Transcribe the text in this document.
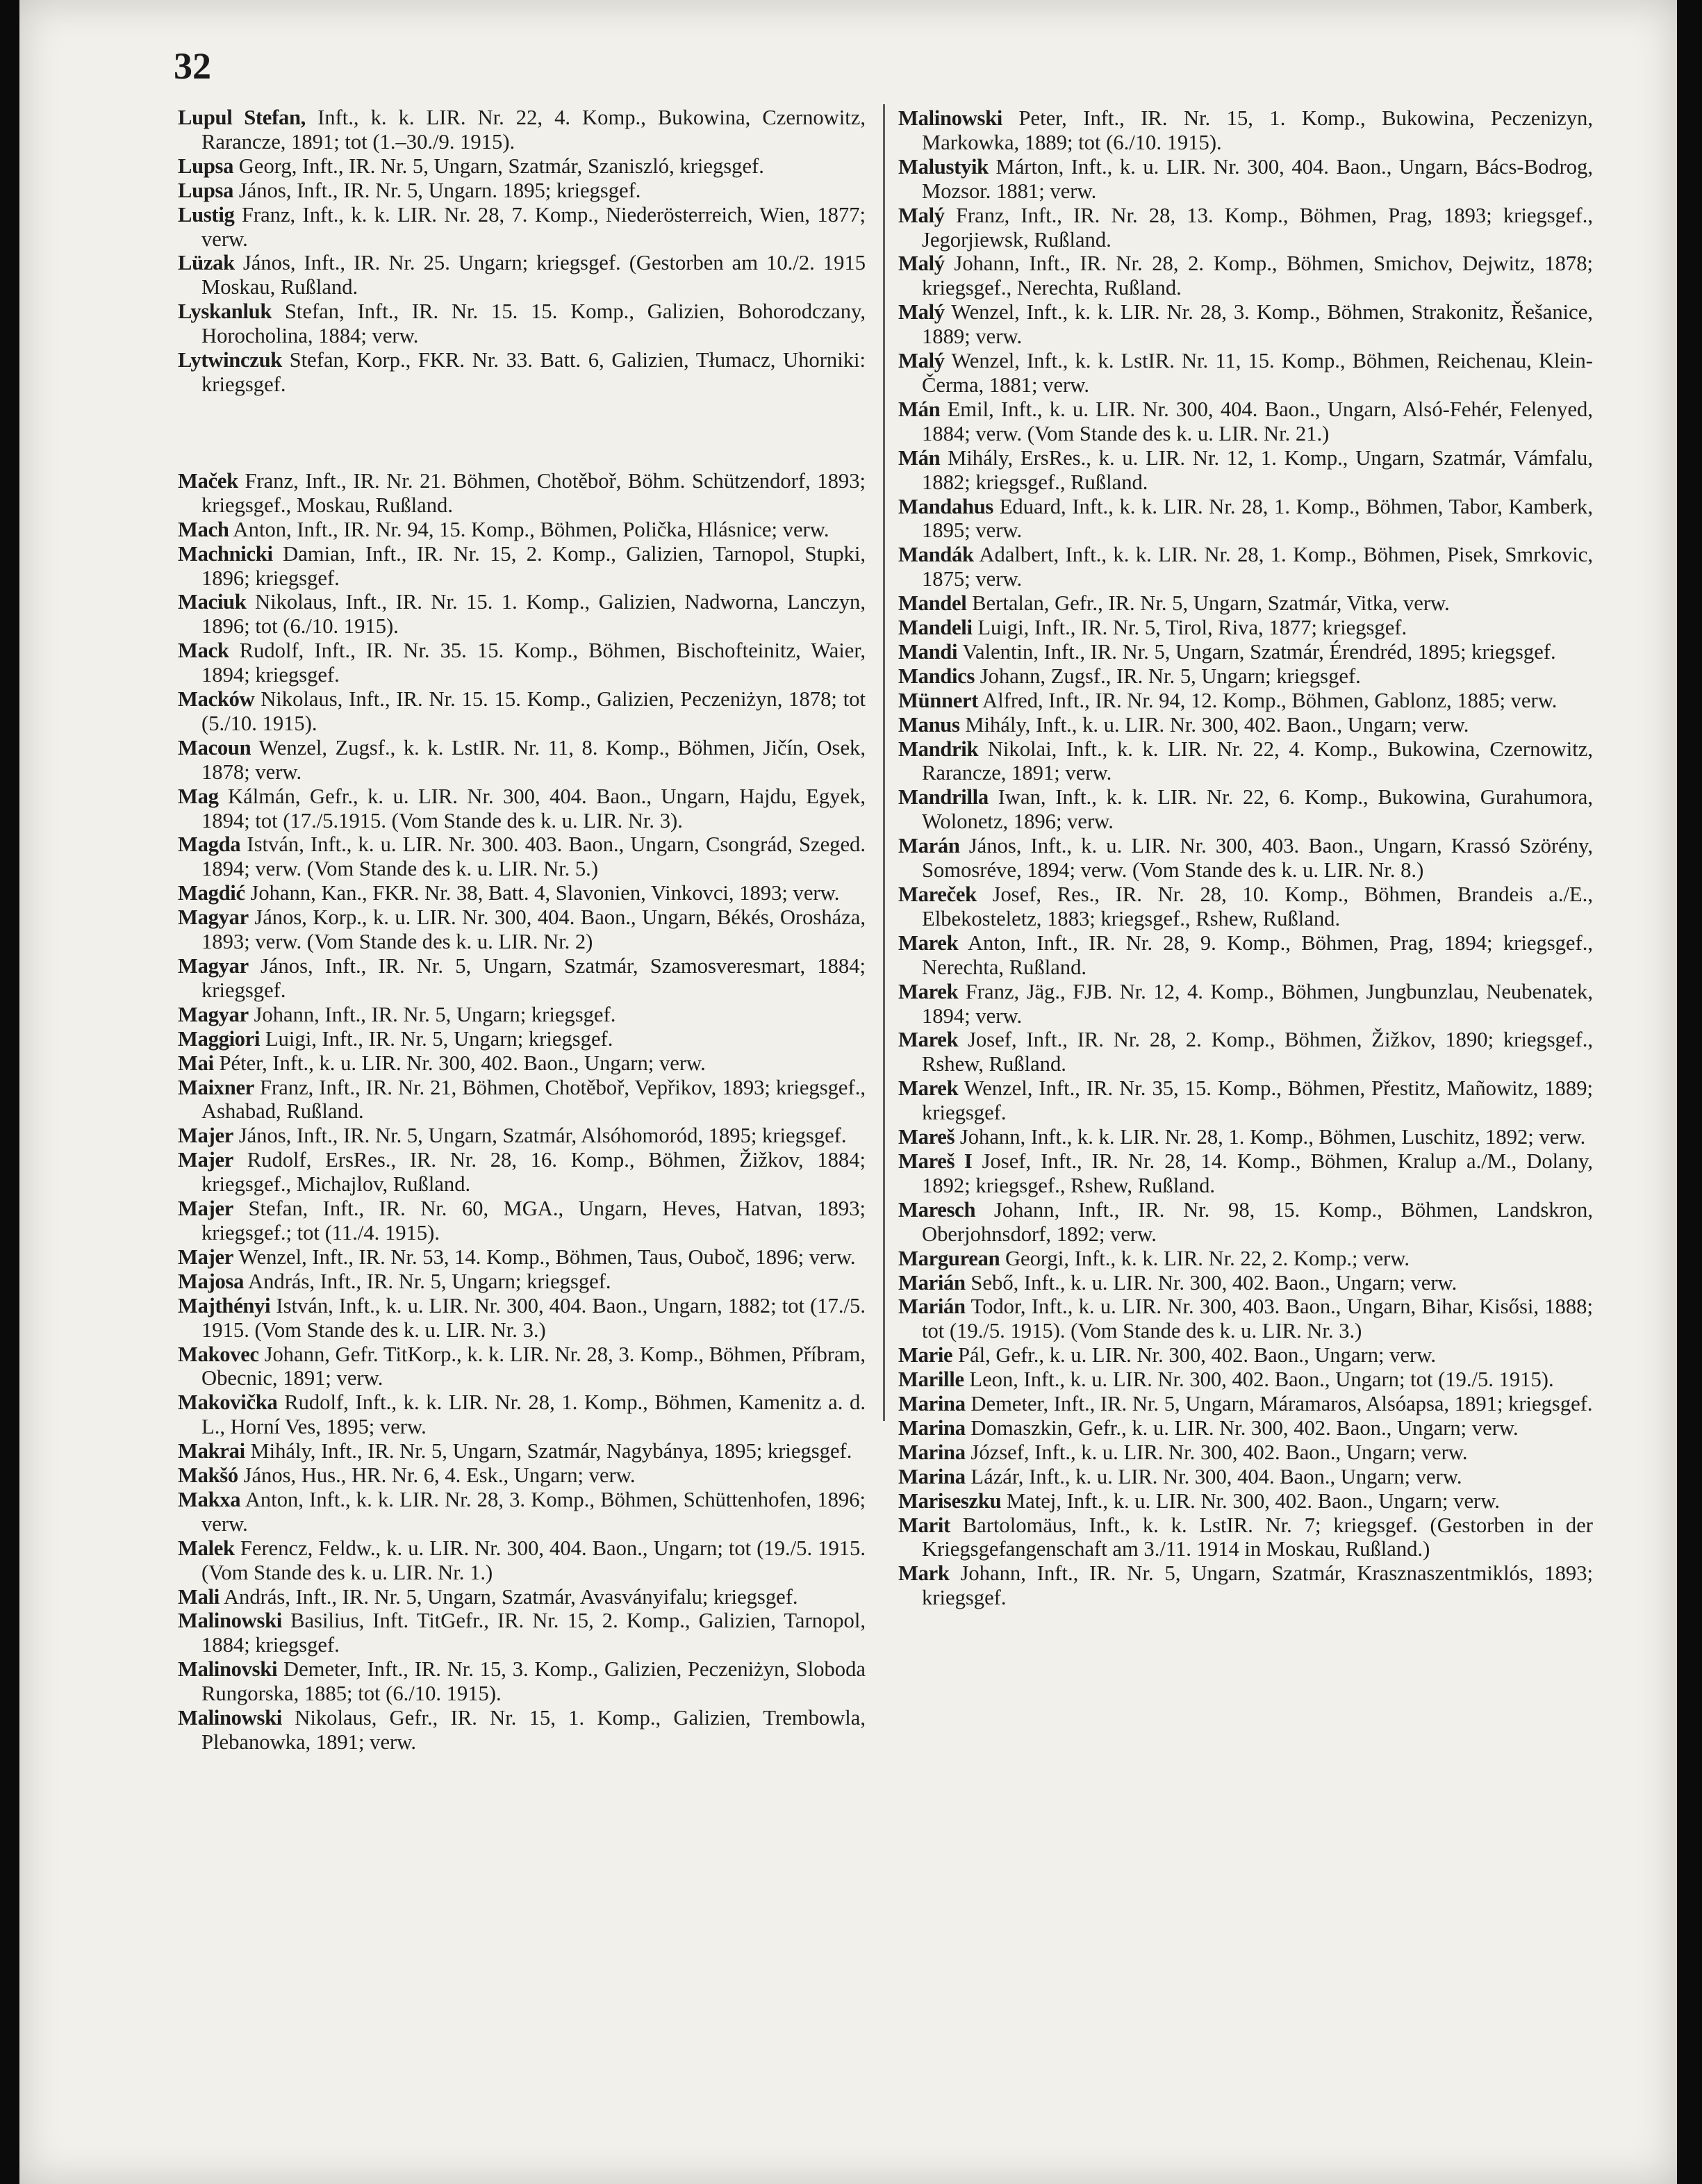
32

Lupul Stefan, Inft., k. k. LIR. Nr. 22, 4. Komp., Bukowina, Czernowitz, Rarancze, 1891; tot (1.–30./9. 1915).

Lupsa Georg, Inft., IR. Nr. 5, Ungarn, Szatmár, Szaniszló, kriegsgef.

Lupsa János, Inft., IR. Nr. 5, Ungarn. 1895; kriegsgef.

Lustig Franz, Inft., k. k. LIR. Nr. 28, 7. Komp., Niederösterreich, Wien, 1877; verw.

Lüzak János, Inft., IR. Nr. 25. Ungarn; kriegsgef. (Gestorben am 10./2. 1915 Moskau, Rußland.

Lyskanluk Stefan, Inft., IR. Nr. 15. 15. Komp., Galizien, Bohorodczany, Horocholina, 1884; verw.

Lytwinczuk Stefan, Korp., FKR. Nr. 33. Batt. 6, Galizien, Tłumacz, Uhorniki: kriegsgef.

Maček Franz, Inft., IR. Nr. 21. Böhmen, Chotěboř, Böhm. Schützendorf, 1893; kriegsgef., Moskau, Rußland.

Mach Anton, Inft., IR. Nr. 94, 15. Komp., Böhmen, Polička, Hlásnice; verw.

Machnicki Damian, Inft., IR. Nr. 15, 2. Komp., Galizien, Tarnopol, Stupki, 1896; kriegsgef.

Maciuk Nikolaus, Inft., IR. Nr. 15. 1. Komp., Galizien, Nadworna, Lanczyn, 1896; tot (6./10. 1915).

Mack Rudolf, Inft., IR. Nr. 35. 15. Komp., Böhmen, Bischofteinitz, Waier, 1894; kriegsgef.

Macków Nikolaus, Inft., IR. Nr. 15. 15. Komp., Galizien, Peczeniżyn, 1878; tot (5./10. 1915).

Macoun Wenzel, Zugsf., k. k. LstIR. Nr. 11, 8. Komp., Böhmen, Jičín, Osek, 1878; verw.

Mag Kálmán, Gefr., k. u. LIR. Nr. 300, 404. Baon., Ungarn, Hajdu, Egyek, 1894; tot (17./5.1915. (Vom Stande des k. u. LIR. Nr. 3).

Magda István, Inft., k. u. LIR. Nr. 300. 403. Baon., Ungarn, Csongrád, Szeged. 1894; verw. (Vom Stande des k. u. LIR. Nr. 5.)

Magdić Johann, Kan., FKR. Nr. 38, Batt. 4, Slavonien, Vinkovci, 1893; verw.

Magyar János, Korp., k. u. LIR. Nr. 300, 404. Baon., Ungarn, Békés, Orosháza, 1893; verw. (Vom Stande des k. u. LIR. Nr. 2)

Magyar János, Inft., IR. Nr. 5, Ungarn, Szatmár, Szamosveresmart, 1884; kriegsgef.

Magyar Johann, Inft., IR. Nr. 5, Ungarn; kriegsgef.

Maggiori Luigi, Inft., IR. Nr. 5, Ungarn; kriegsgef.

Mai Péter, Inft., k. u. LIR. Nr. 300, 402. Baon., Ungarn; verw.

Maixner Franz, Inft., IR. Nr. 21, Böhmen, Chotěboř, Vepřikov, 1893; kriegsgef., Ashabad, Rußland.

Majer János, Inft., IR. Nr. 5, Ungarn, Szatmár, Alsóhomoród, 1895; kriegsgef.

Majer Rudolf, ErsRes., IR. Nr. 28, 16. Komp., Böhmen, Žižkov, 1884; kriegsgef., Michajlov, Rußland.

Majer Stefan, Inft., IR. Nr. 60, MGA., Ungarn, Heves, Hatvan, 1893; kriegsgef.; tot (11./4. 1915).

Majer Wenzel, Inft., IR. Nr. 53, 14. Komp., Böhmen, Taus, Ouboč, 1896; verw.

Majosa András, Inft., IR. Nr. 5, Ungarn; kriegsgef.

Majthényi István, Inft., k. u. LIR. Nr. 300, 404. Baon., Ungarn, 1882; tot (17./5. 1915. (Vom Stande des k. u. LIR. Nr. 3.)

Makovec Johann, Gefr. TitKorp., k. k. LIR. Nr. 28, 3. Komp., Böhmen, Příbram, Obecnic, 1891; verw.

Makovička Rudolf, Inft., k. k. LIR. Nr. 28, 1. Komp., Böhmen, Kamenitz a. d. L., Horní Ves, 1895; verw.

Makrai Mihály, Inft., IR. Nr. 5, Ungarn, Szatmár, Nagybánya, 1895; kriegsgef.

Makšó János, Hus., HR. Nr. 6, 4. Esk., Ungarn; verw.

Makxa Anton, Inft., k. k. LIR. Nr. 28, 3. Komp., Böhmen, Schüttenhofen, 1896; verw.

Malek Ferencz, Feldw., k. u. LIR. Nr. 300, 404. Baon., Ungarn; tot (19./5. 1915. (Vom Stande des k. u. LIR. Nr. 1.)

Mali András, Inft., IR. Nr. 5, Ungarn, Szatmár, Avasványifalu; kriegsgef.

Malinowski Basilius, Inft. TitGefr., IR. Nr. 15, 2. Komp., Galizien, Tarnopol, 1884; kriegsgef.

Malinovski Demeter, Inft., IR. Nr. 15, 3. Komp., Galizien, Peczeniżyn, Sloboda Rungorska, 1885; tot (6./10. 1915).

Malinowski Nikolaus, Gefr., IR. Nr. 15, 1. Komp., Galizien, Trembowla, Plebanowka, 1891; verw.

Malinowski Peter, Inft., IR. Nr. 15, 1. Komp., Bukowina, Peczenizyn, Markowka, 1889; tot (6./10. 1915).

Malustyik Márton, Inft., k. u. LIR. Nr. 300, 404. Baon., Ungarn, Bács-Bodrog, Mozsor. 1881; verw.

Malý Franz, Inft., IR. Nr. 28, 13. Komp., Böhmen, Prag, 1893; kriegsgef., Jegorjiewsk, Rußland.

Malý Johann, Inft., IR. Nr. 28, 2. Komp., Böhmen, Smichov, Dejwitz, 1878; kriegsgef., Nerechta, Rußland.

Malý Wenzel, Inft., k. k. LIR. Nr. 28, 3. Komp., Böhmen, Strakonitz, Řešanice, 1889; verw.

Malý Wenzel, Inft., k. k. LstIR. Nr. 11, 15. Komp., Böhmen, Reichenau, Klein-Čerma, 1881; verw.

Mán Emil, Inft., k. u. LIR. Nr. 300, 404. Baon., Ungarn, Alsó-Fehér, Felenyed, 1884; verw. (Vom Stande des k. u. LIR. Nr. 21.)

Mán Mihály, ErsRes., k. u. LIR. Nr. 12, 1. Komp., Ungarn, Szatmár, Vámfalu, 1882; kriegsgef., Rußland.

Mandahus Eduard, Inft., k. k. LIR. Nr. 28, 1. Komp., Böhmen, Tabor, Kamberk, 1895; verw.

Mandák Adalbert, Inft., k. k. LIR. Nr. 28, 1. Komp., Böhmen, Pisek, Smrkovic, 1875; verw.

Mandel Bertalan, Gefr., IR. Nr. 5, Ungarn, Szatmár, Vitka, verw.

Mandeli Luigi, Inft., IR. Nr. 5, Tirol, Riva, 1877; kriegsgef.

Mandi Valentin, Inft., IR. Nr. 5, Ungarn, Szatmár, Érendréd, 1895; kriegsgef.

Mandics Johann, Zugsf., IR. Nr. 5, Ungarn; kriegsgef.

Münnert Alfred, Inft., IR. Nr. 94, 12. Komp., Böhmen, Gablonz, 1885; verw.

Manus Mihály, Inft., k. u. LIR. Nr. 300, 402. Baon., Ungarn; verw.

Mandrik Nikolai, Inft., k. k. LIR. Nr. 22, 4. Komp., Bukowina, Czernowitz, Rarancze, 1891; verw.

Mandrilla Iwan, Inft., k. k. LIR. Nr. 22, 6. Komp., Bukowina, Gurahumora, Wolonetz, 1896; verw.

Marán János, Inft., k. u. LIR. Nr. 300, 403. Baon., Ungarn, Krassó Szörény, Somosréve, 1894; verw. (Vom Stande des k. u. LIR. Nr. 8.)

Mareček Josef, Res., IR. Nr. 28, 10. Komp., Böhmen, Brandeis a./E., Elbekosteletz, 1883; kriegsgef., Rshew, Rußland.

Marek Anton, Inft., IR. Nr. 28, 9. Komp., Böhmen, Prag, 1894; kriegsgef., Nerechta, Rußland.

Marek Franz, Jäg., FJB. Nr. 12, 4. Komp., Böhmen, Jungbunzlau, Neubenatek, 1894; verw.

Marek Josef, Inft., IR. Nr. 28, 2. Komp., Böhmen, Žižkov, 1890; kriegsgef., Rshew, Rußland.

Marek Wenzel, Inft., IR. Nr. 35, 15. Komp., Böhmen, Přestitz, Mañowitz, 1889; kriegsgef.

Mareš Johann, Inft., k. k. LIR. Nr. 28, 1. Komp., Böhmen, Luschitz, 1892; verw.

Mareš I Josef, Inft., IR. Nr. 28, 14. Komp., Böhmen, Kralup a./M., Dolany, 1892; kriegsgef., Rshew, Rußland.

Maresch Johann, Inft., IR. Nr. 98, 15. Komp., Böhmen, Landskron, Oberjohnsdorf, 1892; verw.

Margurean Georgi, Inft., k. k. LIR. Nr. 22, 2. Komp.; verw.

Marián Sebő, Inft., k. u. LIR. Nr. 300, 402. Baon., Ungarn; verw.

Marián Todor, Inft., k. u. LIR. Nr. 300, 403. Baon., Ungarn, Bihar, Kisősi, 1888; tot (19./5. 1915). (Vom Stande des k. u. LIR. Nr. 3.)

Marie Pál, Gefr., k. u. LIR. Nr. 300, 402. Baon., Ungarn; verw.

Marille Leon, Inft., k. u. LIR. Nr. 300, 402. Baon., Ungarn; tot (19./5. 1915).

Marina Demeter, Inft., IR. Nr. 5, Ungarn, Máramaros, Alsóapsa, 1891; kriegsgef.

Marina Domaszkin, Gefr., k. u. LIR. Nr. 300, 402. Baon., Ungarn; verw.

Marina József, Inft., k. u. LIR. Nr. 300, 402. Baon., Ungarn; verw.

Marina Lázár, Inft., k. u. LIR. Nr. 300, 404. Baon., Ungarn; verw.

Mariseszku Matej, Inft., k. u. LIR. Nr. 300, 402. Baon., Ungarn; verw.

Marit Bartolomäus, Inft., k. k. LstIR. Nr. 7; kriegsgef. (Gestorben in der Kriegsgefangenschaft am 3./11. 1914 in Moskau, Rußland.)

Mark Johann, Inft., IR. Nr. 5, Ungarn, Szatmár, Krasznaszentmiklós, 1893; kriegsgef.
